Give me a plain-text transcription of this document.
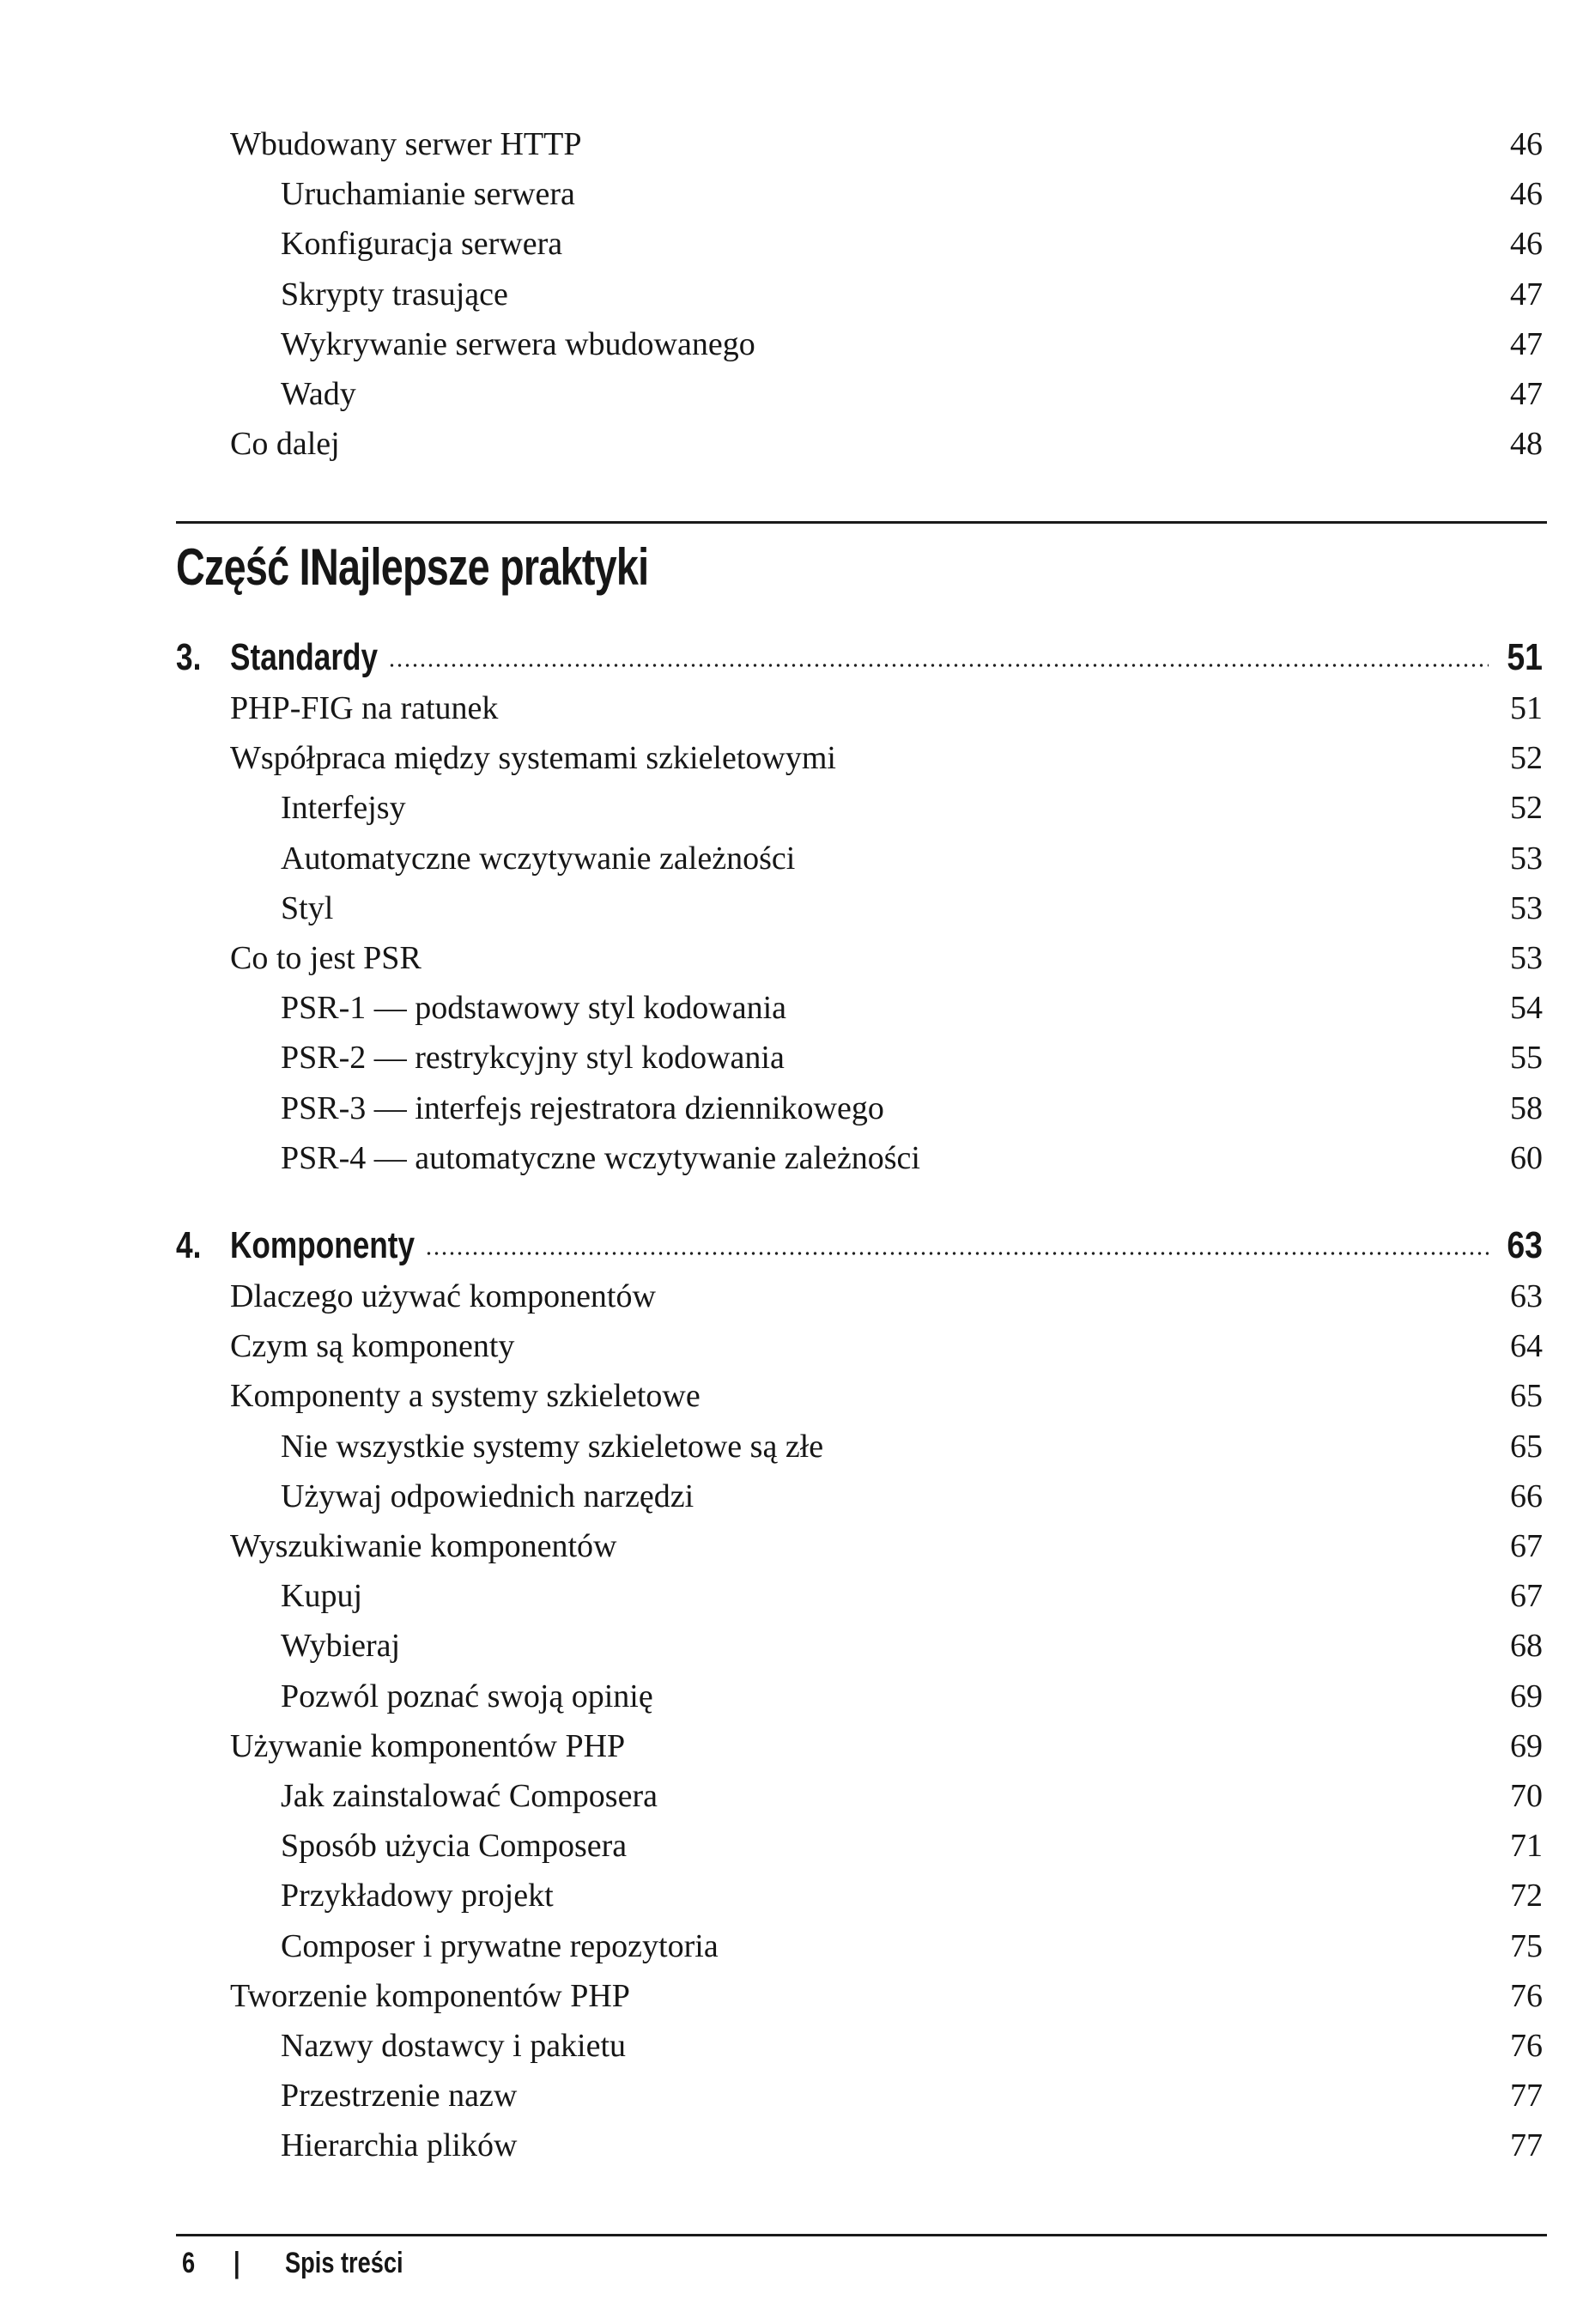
Wbudowany serwer HTTP	46
Uruchamianie serwera	46
Konfiguracja serwera	46
Skrypty trasujące	47
Wykrywanie serwera wbudowanego	47
Wady	47
Co dalej	48
Część IINajlepsze praktyki
3. Standardy	51
PHP-FIG na ratunek	51
Współpraca między systemami szkieletowymi	52
Interfejsy	52
Automatyczne wczytywanie zależności	53
Styl	53
Co to jest PSR	53
PSR-1 — podstawowy styl kodowania	54
PSR-2 — restrykcyjny styl kodowania	55
PSR-3 — interfejs rejestratora dziennikowego	58
PSR-4 — automatyczne wczytywanie zależności	60
4. Komponenty	63
Dlaczego używać komponentów	63
Czym są komponenty	64
Komponenty a systemy szkieletowe	65
Nie wszystkie systemy szkieletowe są złe	65
Używaj odpowiednich narzędzi	66
Wyszukiwanie komponentów	67
Kupuj	67
Wybieraj	68
Pozwól poznać swoją opinię	69
Używanie komponentów PHP	69
Jak zainstalować Composera	70
Sposób użycia Composera	71
Przykładowy projekt	72
Composer i prywatne repozytoria	75
Tworzenie komponentów PHP	76
Nazwy dostawcy i pakietu	76
Przestrzenie nazw	77
Hierarchia plików	77
6 | Spis treści
